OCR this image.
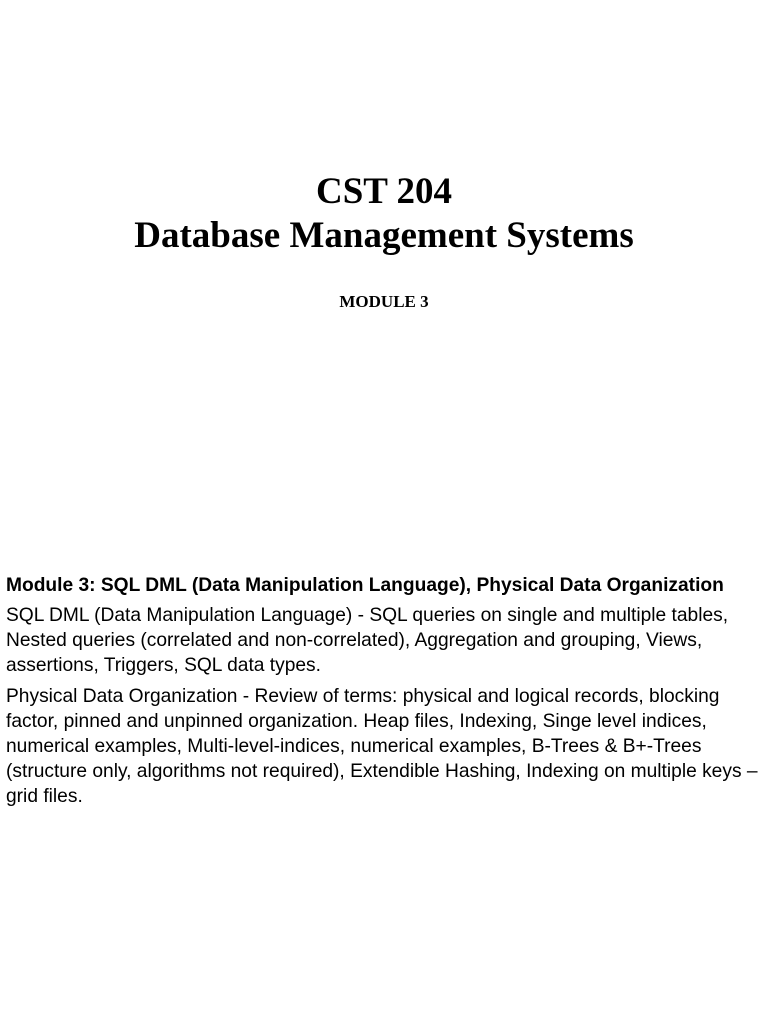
CST 204
Database Management Systems
MODULE 3

Module 3: SQL DML (Data Manipulation Language), Physical Data Organization

SQL DML (Data Manipulation Language) - SQL queries on single and multiple tables, Nested queries (correlated and non-correlated), Aggregation and grouping, Views, assertions, Triggers, SQL data types.

Physical Data Organization - Review of terms: physical and logical records, blocking factor, pinned and unpinned organization. Heap files, Indexing, Singe level indices, numerical examples, Multi-level-indices, numerical examples, B-Trees & B+-Trees (structure only, algorithms not required), Extendible Hashing, Indexing on multiple keys – grid files.
